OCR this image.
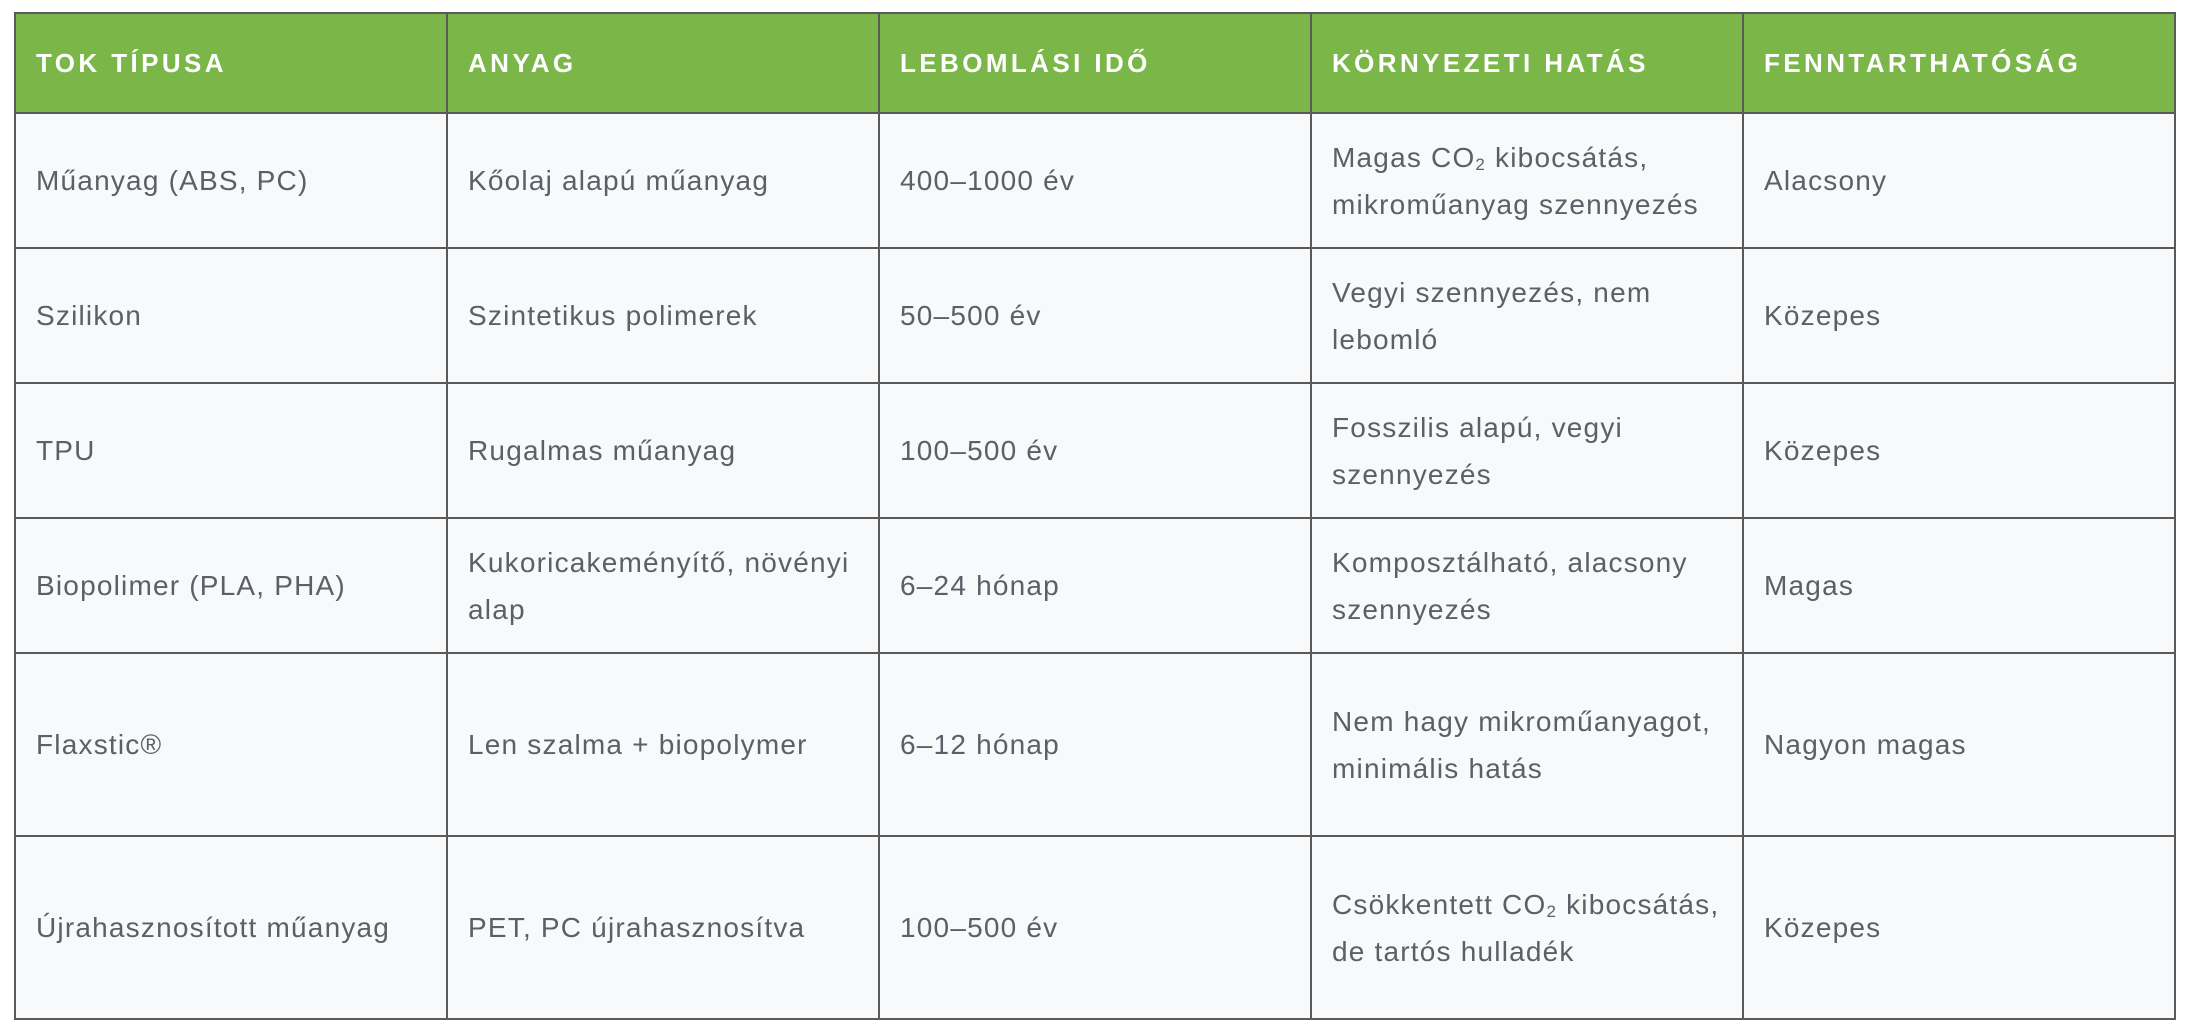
TOK TÍPUSA	ANYAG	LEBOMLÁSI IDŐ	KÖRNYEZETI HATÁS	FENNTARTHATÓSÁG
Műanyag (ABS, PC)	Kőolaj alapú műanyag	400–1000 év	Magas $CO_2$ kibocsátás, mikroműanyag szennyezés	Alacsony
Szilikon	Szintetikus polimerek	50–500 év	Vegyi szennyezés, nem lebomló	Közepes
TPU	Rugalmas műanyag	100–500 év	Fosszilis alapú, vegyi szennyezés	Közepes
Biopolimer (PLA, PHA)	Kukoricakeményítő, növényi alap	6–24 hónap	Komposztálható, alacsony szennyezés	Magas
Flaxstic®	Len szalma + biopolymer	6–12 hónap	Nem hagy mikroműanyagot, minimális hatás	Nagyon magas
Újrahasznosított műanyag	PET, PC újrahasznosítva	100–500 év	Csökkentett $CO_2$ kibocsátás, de tartós hulladék	Közepes
